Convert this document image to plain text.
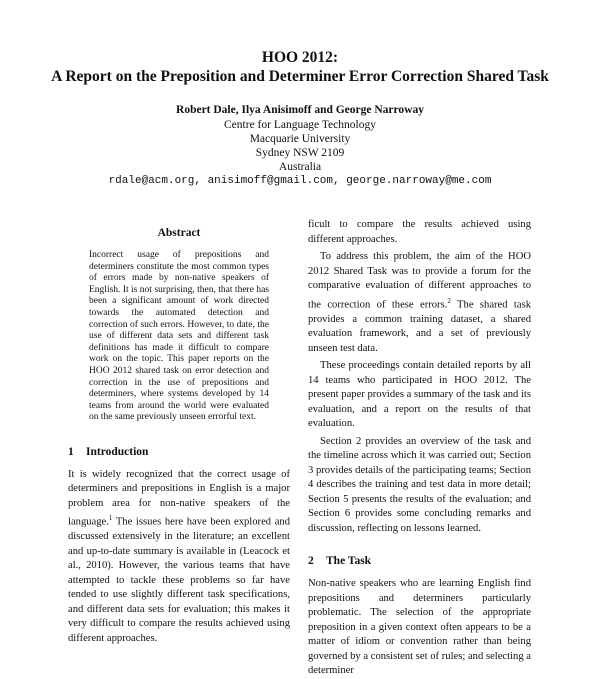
HOO 2012:

A Report on the Preposition and Determiner Error Correction Shared Task

Robert Dale, Ilya Anisimoff and George Narroway

Centre for Language Technology

Macquarie University

Sydney NSW 2109

Australia

rdale@acm.org, anisimoff@gmail.com, george.narroway@me.com

Abstract

Incorrect usage of prepositions and determiners constitute the most common types of errors made by non-native speakers of English. It is not surprising, then, that there has been a significant amount of work directed towards the automated detection and correction of such errors. However, to date, the use of different data sets and different task definitions has made it difficult to compare work on the topic. This paper reports on the HOO 2012 shared task on error detection and correction in the use of prepositions and determiners, where systems developed by 14 teams from around the world were evaluated on the same previously unseen errorful text.

1 Introduction

It is widely recognized that the correct usage of determiners and prepositions in English is a major problem area for non-native speakers of the language.$^1$ The issues here have been explored and discussed extensively in the literature; an excellent and up-to-date summary is available in (Leacock et al., 2010). However, the various teams that have attempted to tackle these problems so far have tended to use slightly different task specifications, and different data sets for evaluation; this makes it very difficult to compare the results achieved using different approaches.

ficult to compare the results achieved using different approaches.

To address this problem, the aim of the HOO 2012 Shared Task was to provide a forum for the comparative evaluation of different approaches to the correction of these errors.$^2$ The shared task provides a common training dataset, a shared evaluation framework, and a set of previously unseen test data.

These proceedings contain detailed reports by all 14 teams who participated in HOO 2012. The present paper provides a summary of the task and its evaluation, and a report on the results of that evaluation.

Section 2 provides an overview of the task and the timeline across which it was carried out; Section 3 provides details of the participating teams; Section 4 describes the training and test data in more detail; Section 5 presents the results of the evaluation; and Section 6 provides some concluding remarks and discussion, reflecting on lessons learned.

2 The Task

Non-native speakers who are learning English find prepositions and determiners particularly problematic. The selection of the appropriate preposition in a given context often appears to be a matter of idiom or convention rather than being governed by a consistent set of rules; and selecting a determiner
